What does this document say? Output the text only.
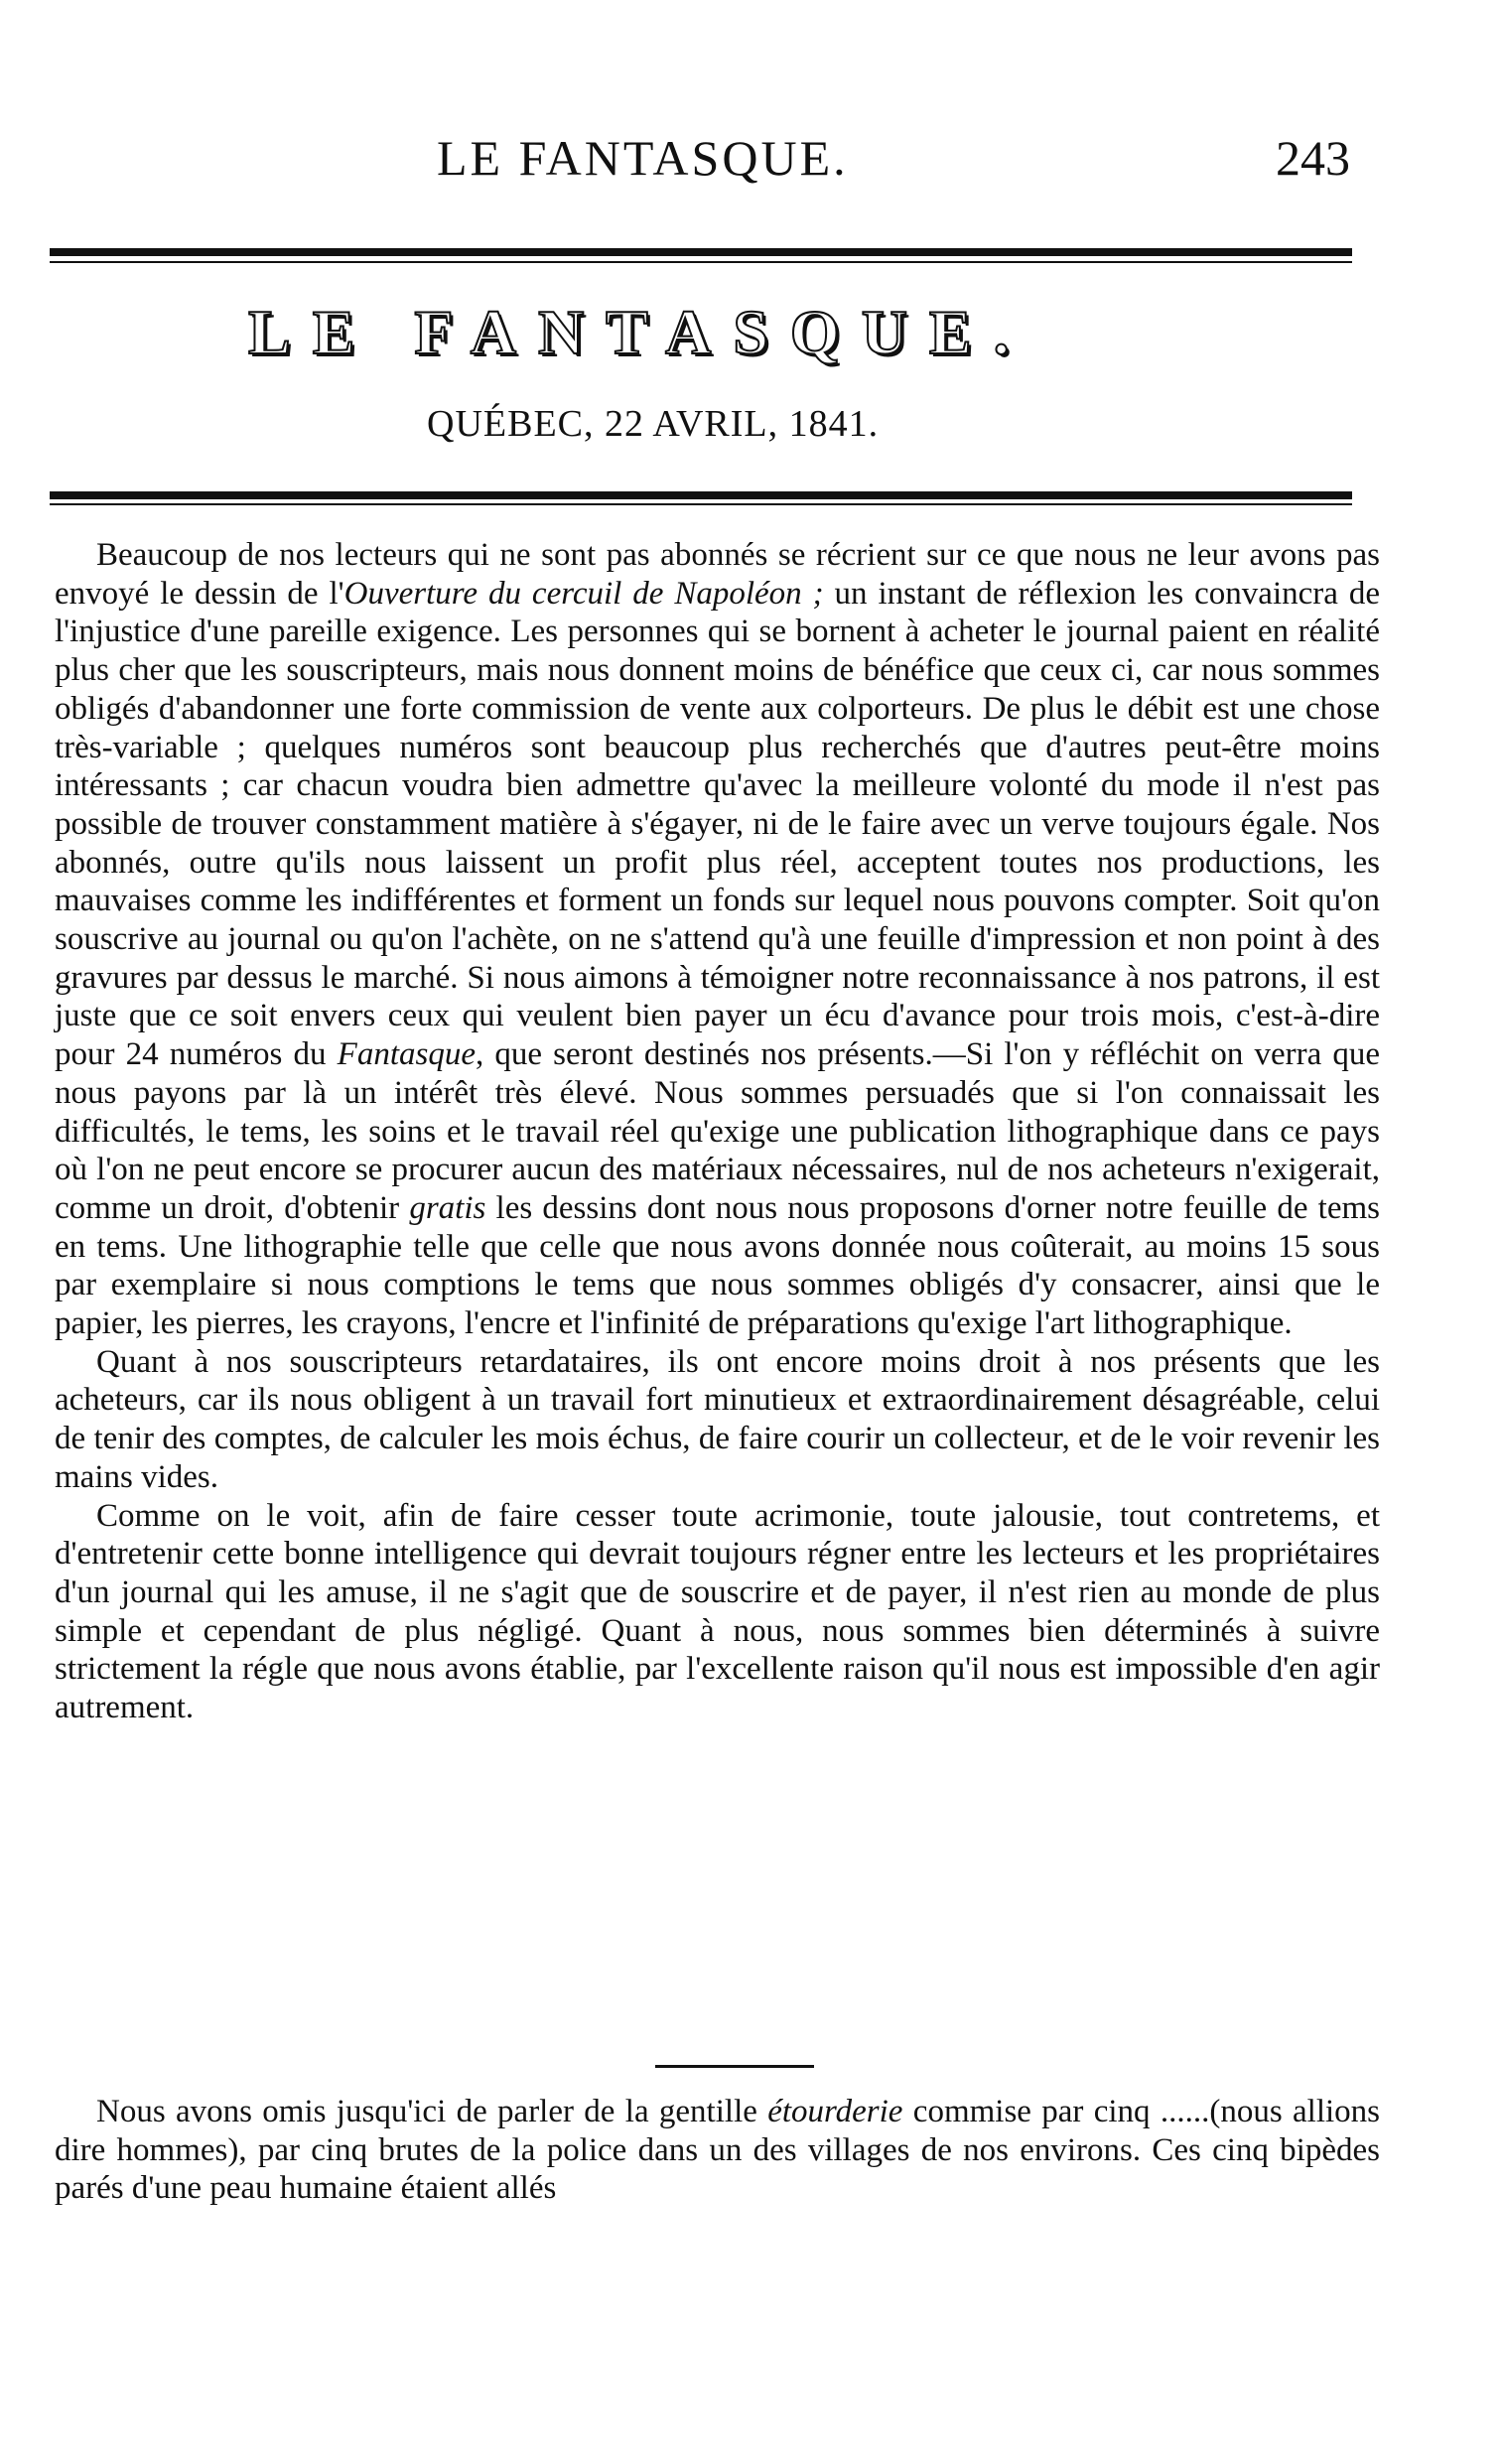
LE FANTASQUE.	243
LE FANTASQUE.
QUÉBEC, 22 AVRIL, 1841.

Beaucoup de nos lecteurs qui ne sont pas abonnés se récrient sur ce que nous ne leur avons pas envoyé le dessin de l'Ouverture du cercuil de Napoléon ; un instant de réflexion les convaincra de l'injustice d'une pareille exigence. Les personnes qui se bornent à acheter le journal paient en réalité plus cher que les souscripteurs, mais nous donnent moins de bénéfice que ceux ci, car nous sommes obligés d'abandonner une forte commission de vente aux colporteurs. De plus le débit est une chose très-variable ; quelques numéros sont beaucoup plus recherchés que d'autres peut-être moins intéressants ; car chacun voudra bien admettre qu'avec la meilleure volonté du mode il n'est pas possible de trouver constamment matière à s'égayer, ni de le faire avec un verve toujours égale. Nos abonnés, outre qu'ils nous laissent un profit plus réel, acceptent toutes nos productions, les mauvaises comme les indifférentes et forment un fonds sur lequel nous pouvons compter. Soit qu'on souscrive au journal ou qu'on l'achète, on ne s'attend qu'à une feuille d'impression et non point à des gravures par dessus le marché. Si nous aimons à témoigner notre reconnaissance à nos patrons, il est juste que ce soit envers ceux qui veulent bien payer un écu d'avance pour trois mois, c'est-à-dire pour 24 numéros du Fantasque, que seront destinés nos présents.—Si l'on y réfléchit on verra que nous payons par là un intérêt très élevé. Nous sommes persuadés que si l'on connaissait les difficultés, le tems, les soins et le travail réel qu'exige une publication lithographique dans ce pays où l'on ne peut encore se procurer aucun des matériaux nécessaires, nul de nos acheteurs n'exigerait, comme un droit, d'obtenir gratis les dessins dont nous nous proposons d'orner notre feuille de tems en tems. Une lithographie telle que celle que nous avons donnée nous coûterait, au moins 15 sous par exemplaire si nous comptions le tems que nous sommes obligés d'y consacrer, ainsi que le papier, les pierres, les crayons, l'encre et l'infinité de préparations qu'exige l'art lithographique.

Quant à nos souscripteurs retardataires, ils ont encore moins droit à nos présents que les acheteurs, car ils nous obligent à un travail fort minutieux et extraordinairement désagréable, celui de tenir des comptes, de calculer les mois échus, de faire courir un collecteur, et de le voir revenir les mains vides.

Comme on le voit, afin de faire cesser toute acrimonie, toute jalousie, tout contretems, et d'entretenir cette bonne intelligence qui devrait toujours régner entre les lecteurs et les propriétaires d'un journal qui les amuse, il ne s'agit que de souscrire et de payer, il n'est rien au monde de plus simple et cependant de plus négligé. Quant à nous, nous sommes bien déterminés à suivre strictement la régle que nous avons établie, par l'excellente raison qu'il nous est impossible d'en agir autrement.

Nous avons omis jusqu'ici de parler de la gentille étourderie commise par cinq ......(nous allions dire hommes), par cinq brutes de la police dans un des villages de nos environs. Ces cinq bipèdes parés d'une peau humaine étaient allés
